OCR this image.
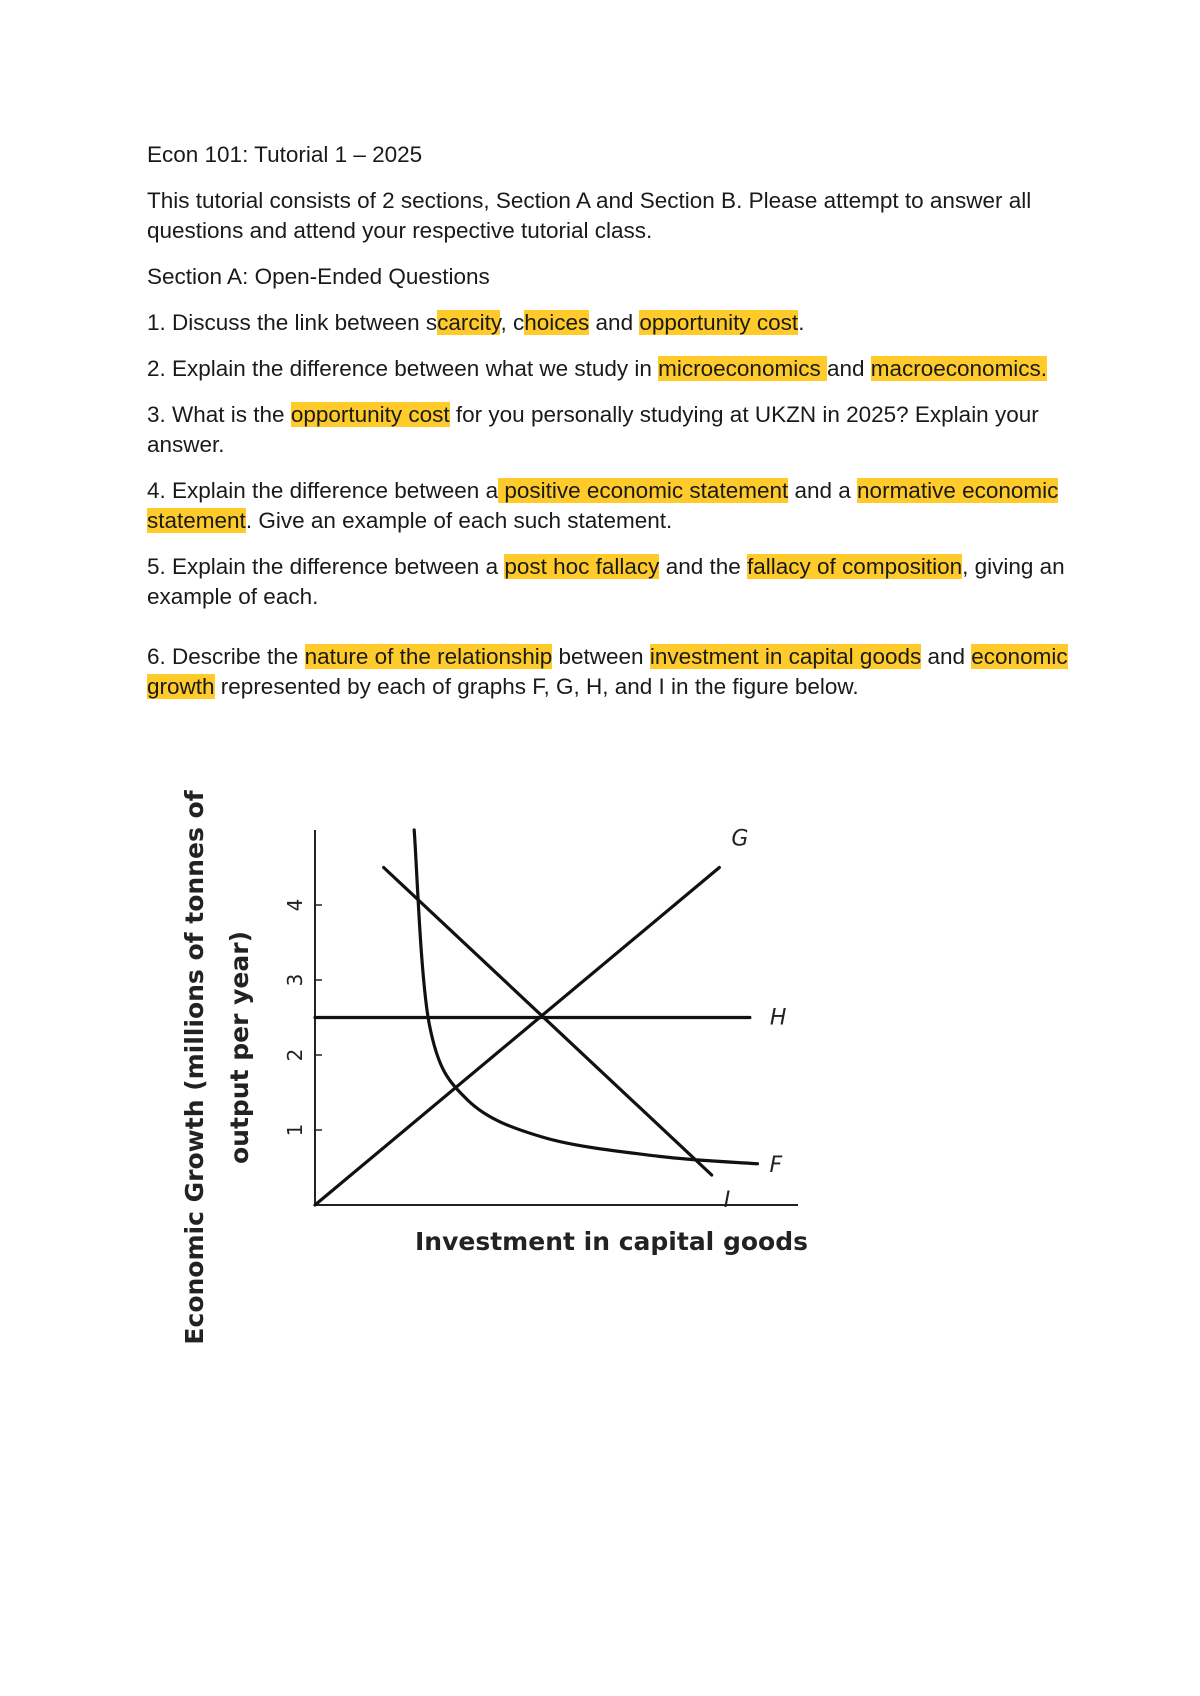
Econ 101: Tutorial 1 – 2025

This tutorial consists of 2 sections, Section A and Section B. Please attempt to answer all questions and attend your respective tutorial class.

Section A: Open-Ended Questions

1. Discuss the link between scarcity, choices and opportunity cost.

2. Explain the difference between what we study in microeconomics and macroeconomics.

3. What is the opportunity cost for you personally studying at UKZN in 2025? Explain your answer.

4. Explain the difference between a positive economic statement and a normative economic statement. Give an example of each such statement.

5. Explain the difference between a post hoc fallacy and the fallacy of composition, giving an example of each.

6. Describe the nature of the relationship between investment in capital goods and economic growth represented by each of graphs F, G, H, and I in the figure below.

1
2
3
4
G
H
I
F
Investment in capital goods
Economic Growth (millions of tonnes of output per year)
